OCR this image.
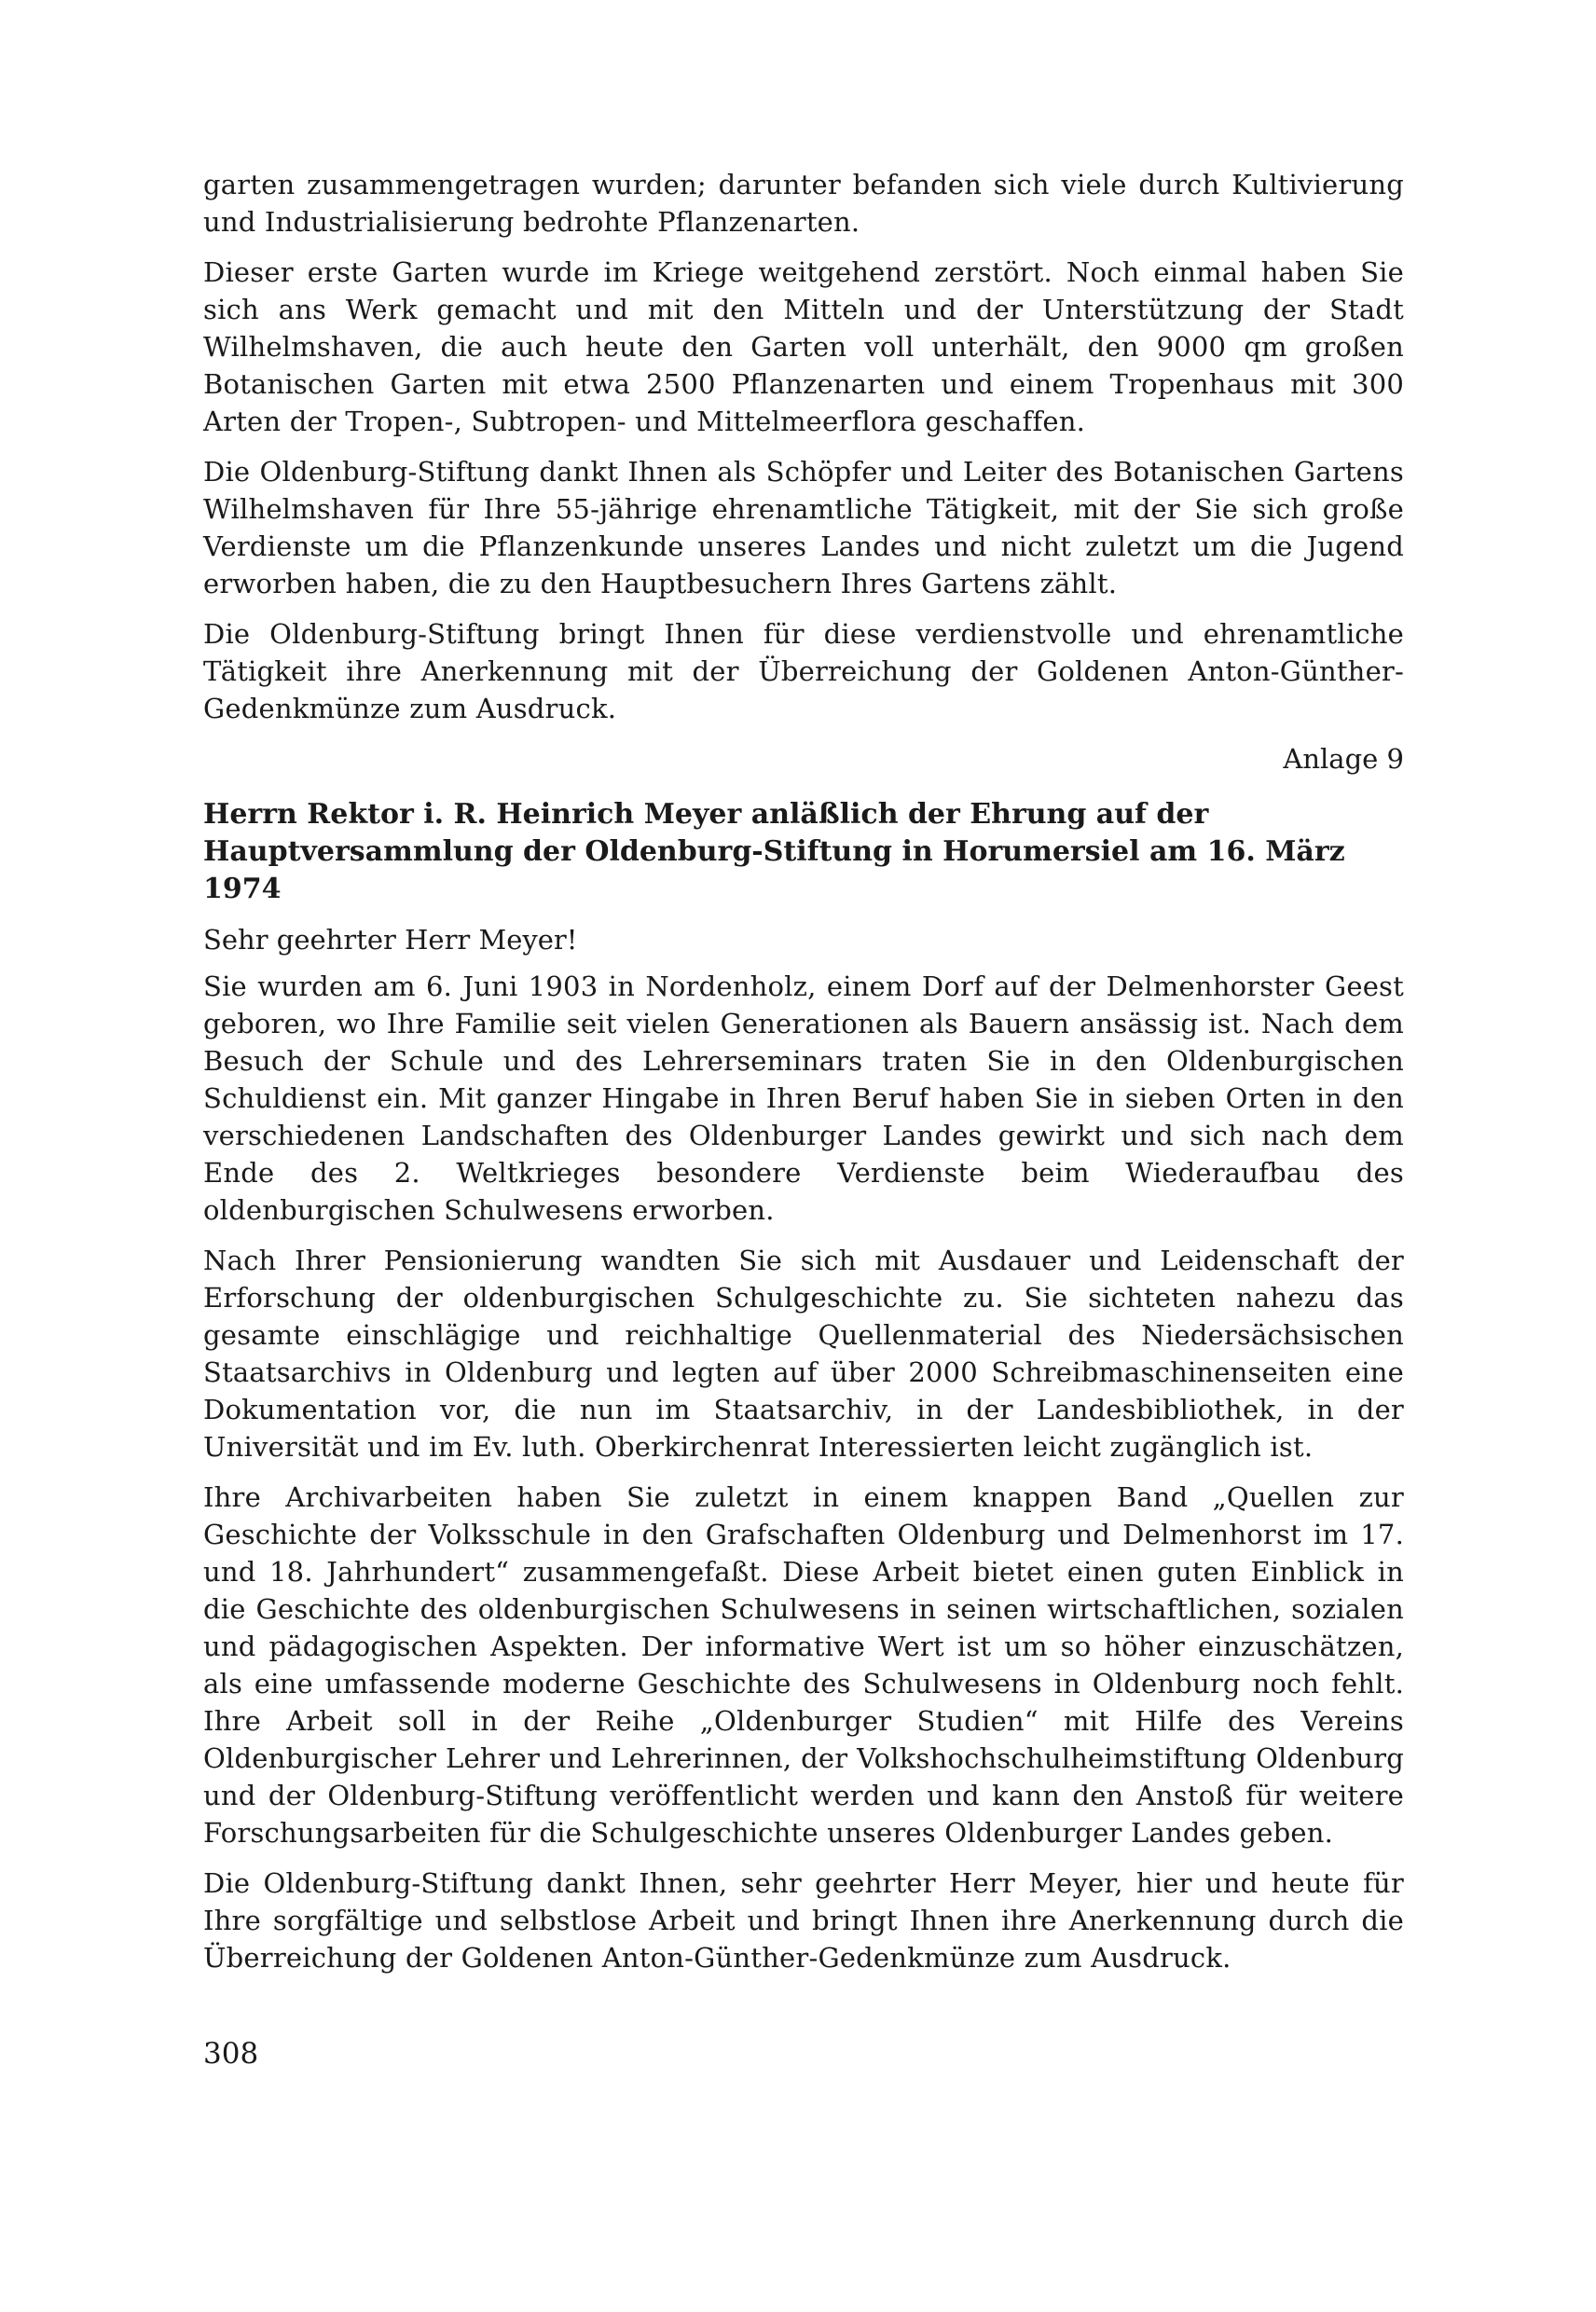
garten zusammengetragen wurden; darunter befanden sich viele durch Kultivierung und Industrialisierung bedrohte Pflanzenarten.

Dieser erste Garten wurde im Kriege weitgehend zerstört. Noch einmal haben Sie sich ans Werk gemacht und mit den Mitteln und der Unterstützung der Stadt Wilhelmshaven, die auch heute den Garten voll unterhält, den 9000 qm großen Botanischen Garten mit etwa 2500 Pflanzenarten und einem Tropenhaus mit 300 Arten der Tropen-, Subtropen- und Mittelmeerflora geschaffen.

Die Oldenburg-Stiftung dankt Ihnen als Schöpfer und Leiter des Botanischen Gartens Wilhelmshaven für Ihre 55-jährige ehrenamtliche Tätigkeit, mit der Sie sich große Verdienste um die Pflanzenkunde unseres Landes und nicht zuletzt um die Jugend erworben haben, die zu den Hauptbesuchern Ihres Gartens zählt.

Die Oldenburg-Stiftung bringt Ihnen für diese verdienstvolle und ehrenamtliche Tätigkeit ihre Anerkennung mit der Überreichung der Goldenen Anton-Günther-Gedenkmünze zum Ausdruck.

Anlage 9
Herrn Rektor i. R. Heinrich Meyer anläßlich der Ehrung auf der Hauptversammlung der Oldenburg-Stiftung in Horumersiel am 16. März 1974

Sehr geehrter Herr Meyer!

Sie wurden am 6. Juni 1903 in Nordenholz, einem Dorf auf der Delmenhorster Geest geboren, wo Ihre Familie seit vielen Generationen als Bauern ansässig ist. Nach dem Besuch der Schule und des Lehrerseminars traten Sie in den Oldenburgischen Schuldienst ein. Mit ganzer Hingabe in Ihren Beruf haben Sie in sieben Orten in den verschiedenen Landschaften des Oldenburger Landes gewirkt und sich nach dem Ende des 2. Weltkrieges besondere Verdienste beim Wiederaufbau des oldenburgischen Schulwesens erworben.

Nach Ihrer Pensionierung wandten Sie sich mit Ausdauer und Leidenschaft der Erforschung der oldenburgischen Schulgeschichte zu. Sie sichteten nahezu das gesamte einschlägige und reichhaltige Quellenmaterial des Niedersächsischen Staatsarchivs in Oldenburg und legten auf über 2000 Schreibmaschinenseiten eine Dokumentation vor, die nun im Staatsarchiv, in der Landesbibliothek, in der Universität und im Ev. luth. Oberkirchenrat Interessierten leicht zugänglich ist.

Ihre Archivarbeiten haben Sie zuletzt in einem knappen Band „Quellen zur Geschichte der Volksschule in den Grafschaften Oldenburg und Delmenhorst im 17. und 18. Jahrhundert“ zusammengefaßt. Diese Arbeit bietet einen guten Einblick in die Geschichte des oldenburgischen Schulwesens in seinen wirtschaftlichen, sozialen und pädagogischen Aspekten. Der informative Wert ist um so höher einzuschätzen, als eine umfassende moderne Geschichte des Schulwesens in Oldenburg noch fehlt. Ihre Arbeit soll in der Reihe „Oldenburger Studien“ mit Hilfe des Vereins Oldenburgischer Lehrer und Lehrerinnen, der Volkshochschulheimstiftung Oldenburg und der Oldenburg-Stiftung veröffentlicht werden und kann den Anstoß für weitere Forschungsarbeiten für die Schulgeschichte unseres Oldenburger Landes geben.

Die Oldenburg-Stiftung dankt Ihnen, sehr geehrter Herr Meyer, hier und heute für Ihre sorgfältige und selbstlose Arbeit und bringt Ihnen ihre Anerkennung durch die Überreichung der Goldenen Anton-Günther-Gedenkmünze zum Ausdruck.

308
